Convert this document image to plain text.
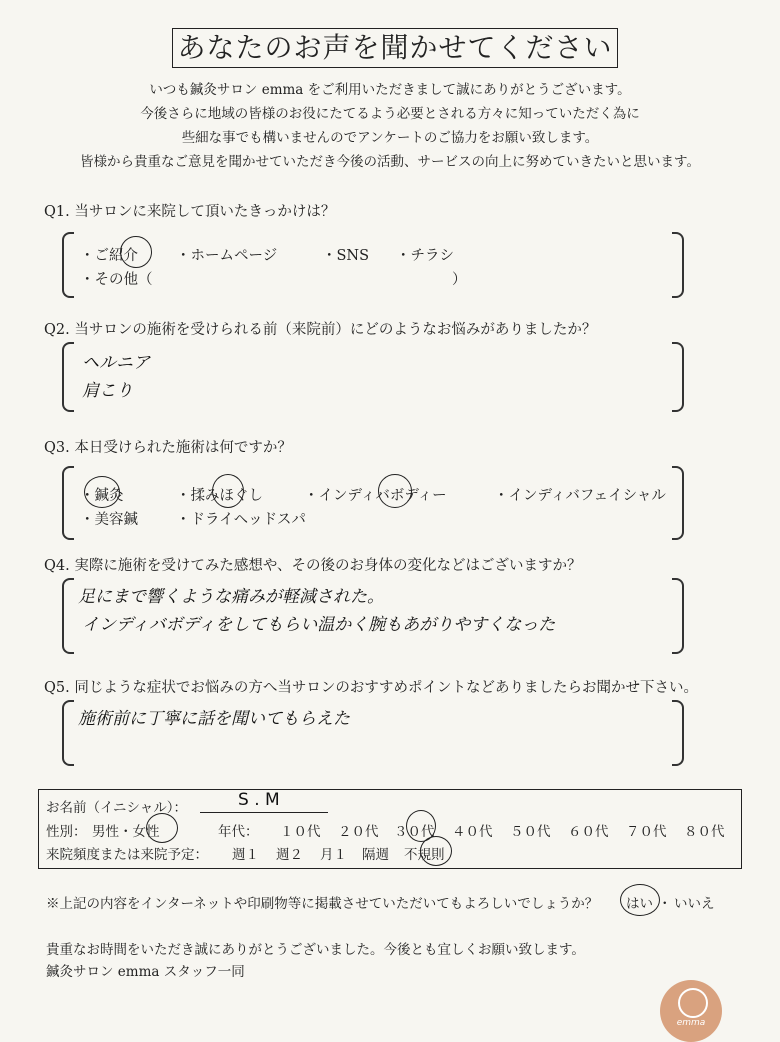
あなたのお声を聞かせてください
いつも鍼灸サロン emma をご利用いただきまして誠にありがとうございます。
今後さらに地域の皆様のお役にたてるよう必要とされる方々に知っていただく為に
些細な事でも構いませんのでアンケートのご協力をお願い致します。
皆様から貴重なご意見を聞かせていただき今後の活動、サービスの向上に努めていきたいと思います。
Q1. 当サロンに来院して頂いたきっかけは？
・ご紹介	・ホームページ	・SNS ・チラシ
・その他（	）
Q2. 当サロンの施術を受けられる前（来院前）にどのようなお悩みがありましたか？
ヘルニア
肩こり
Q3. 本日受けられた施術は何ですか？
・鍼灸	・揉みほぐし	・インディバボディー	・インディバフェイシャル
・美容鍼	・ドライヘッドスパ
Q4. 実際に施術を受けてみた感想や、その後のお身体の変化などはございますか？
足にまで響くような痛みが軽減された。
インディバボディをしてもらい温かく腕もあがりやすくなった
Q5. 同じような症状でお悩みの方へ当サロンのおすすめポイントなどありましたらお聞かせ下さい。
施術前に丁寧に話を聞いてもらえた
お名前（イニシャル）：	S . M
性別： 男性・女性	年代： １０代 ２０代 ３０代 ４０代 ５０代 ６０代 ７０代 ８０代
来院頻度または来院予定： 週１ 週２ 月１ 隔週 不規則
※上記の内容をインターネットや印刷物等に掲載させていただいてもよろしいでしょうか？ はい ・ いいえ
貴重なお時間をいただき誠にありがとうございました。今後とも宜しくお願い致します。
鍼灸サロン emma スタッフ一同
emma
